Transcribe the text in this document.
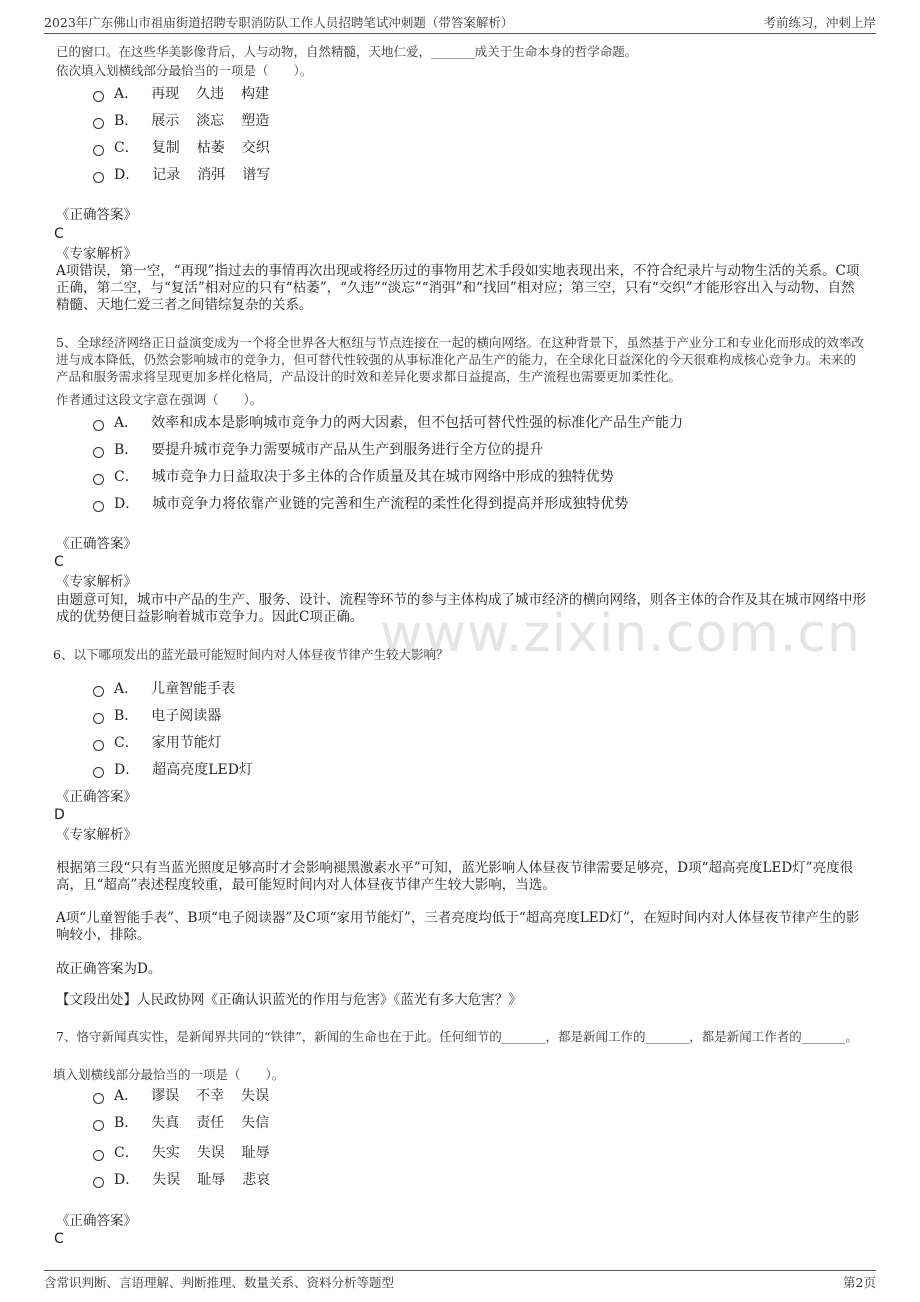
2023年广东佛山市祖庙街道招聘专职消防队工作人员招聘笔试冲刺题（带答案解析）	考前练习，冲刺上岸
www.zixin.com.cn
已的窗口。在这些华美影像背后，人与动物，自然精髓，天地仁爱，_______成关于生命本身的哲学命题。
依次填入划横线部分最恰当的一项是（　　）。
A． 再现 久违 构建
B． 展示 淡忘 塑造
C． 复制 枯萎 交织
D． 记录 消弭 谱写
《正确答案》
C
《专家解析》
A项错误，第一空，“再现”指过去的事情再次出现或将经历过的事物用艺术手段如实地表现出来，不符合纪录片与动物生活的关系。C项正确，第二空，与“复活”相对应的只有“枯萎”，“久违”“淡忘”“消弭”和“找回”相对应；第三空，只有“交织”才能形容出入与动物、自然精髓、天地仁爱三者之间错综复杂的关系。
5、全球经济网络正日益演变成为一个将全世界各大枢纽与节点连接在一起的横向网络。在这种背景下，虽然基于产业分工和专业化而形成的效率改进与成本降低，仍然会影响城市的竞争力，但可替代性较强的从事标准化产品生产的能力，在全球化日益深化的今天很难构成核心竞争力。未来的产品和服务需求将呈现更加多样化格局，产品设计的时效和差异化要求都日益提高，生产流程也需要更加柔性化。
作者通过这段文字意在强调（　　）。
A． 效率和成本是影响城市竞争力的两大因素，但不包括可替代性强的标准化产品生产能力
B． 要提升城市竞争力需要城市产品从生产到服务进行全方位的提升
C． 城市竞争力日益取决于多主体的合作质量及其在城市网络中形成的独特优势
D． 城市竞争力将依靠产业链的完善和生产流程的柔性化得到提高并形成独特优势
《正确答案》
C
《专家解析》
由题意可知，城市中产品的生产、服务、设计、流程等环节的参与主体构成了城市经济的横向网络，则各主体的合作及其在城市网络中形成的优势便日益影响着城市竞争力。因此C项正确。
6、以下哪项发出的蓝光最可能短时间内对人体昼夜节律产生较大影响？
A． 儿童智能手表
B． 电子阅读器
C． 家用节能灯
D． 超高亮度LED灯
《正确答案》
D
《专家解析》
根据第三段“只有当蓝光照度足够高时才会影响褪黑激素水平”可知，蓝光影响人体昼夜节律需要足够亮，D项“超高亮度LED灯”亮度很高，且“超高”表述程度较重，最可能短时间内对人体昼夜节律产生较大影响，当选。
A项“儿童智能手表”、B项“电子阅读器”及C项“家用节能灯”，三者亮度均低于“超高亮度LED灯”，在短时间内对人体昼夜节律产生的影响较小，排除。
故正确答案为D。
【文段出处】人民政协网《正确认识蓝光的作用与危害》《蓝光有多大危害？》
7、恪守新闻真实性，是新闻界共同的“铁律”，新闻的生命也在于此。任何细节的_______，都是新闻工作的_______，都是新闻工作者的_______。
填入划横线部分最恰当的一项是（　　）。
A． 谬误 不幸 失误
B． 失真 责任 失信
C． 失实 失误 耻辱
D． 失误 耻辱 悲哀
《正确答案》
C
含常识判断、言语理解、判断推理、数量关系、资料分析等题型	第2页
